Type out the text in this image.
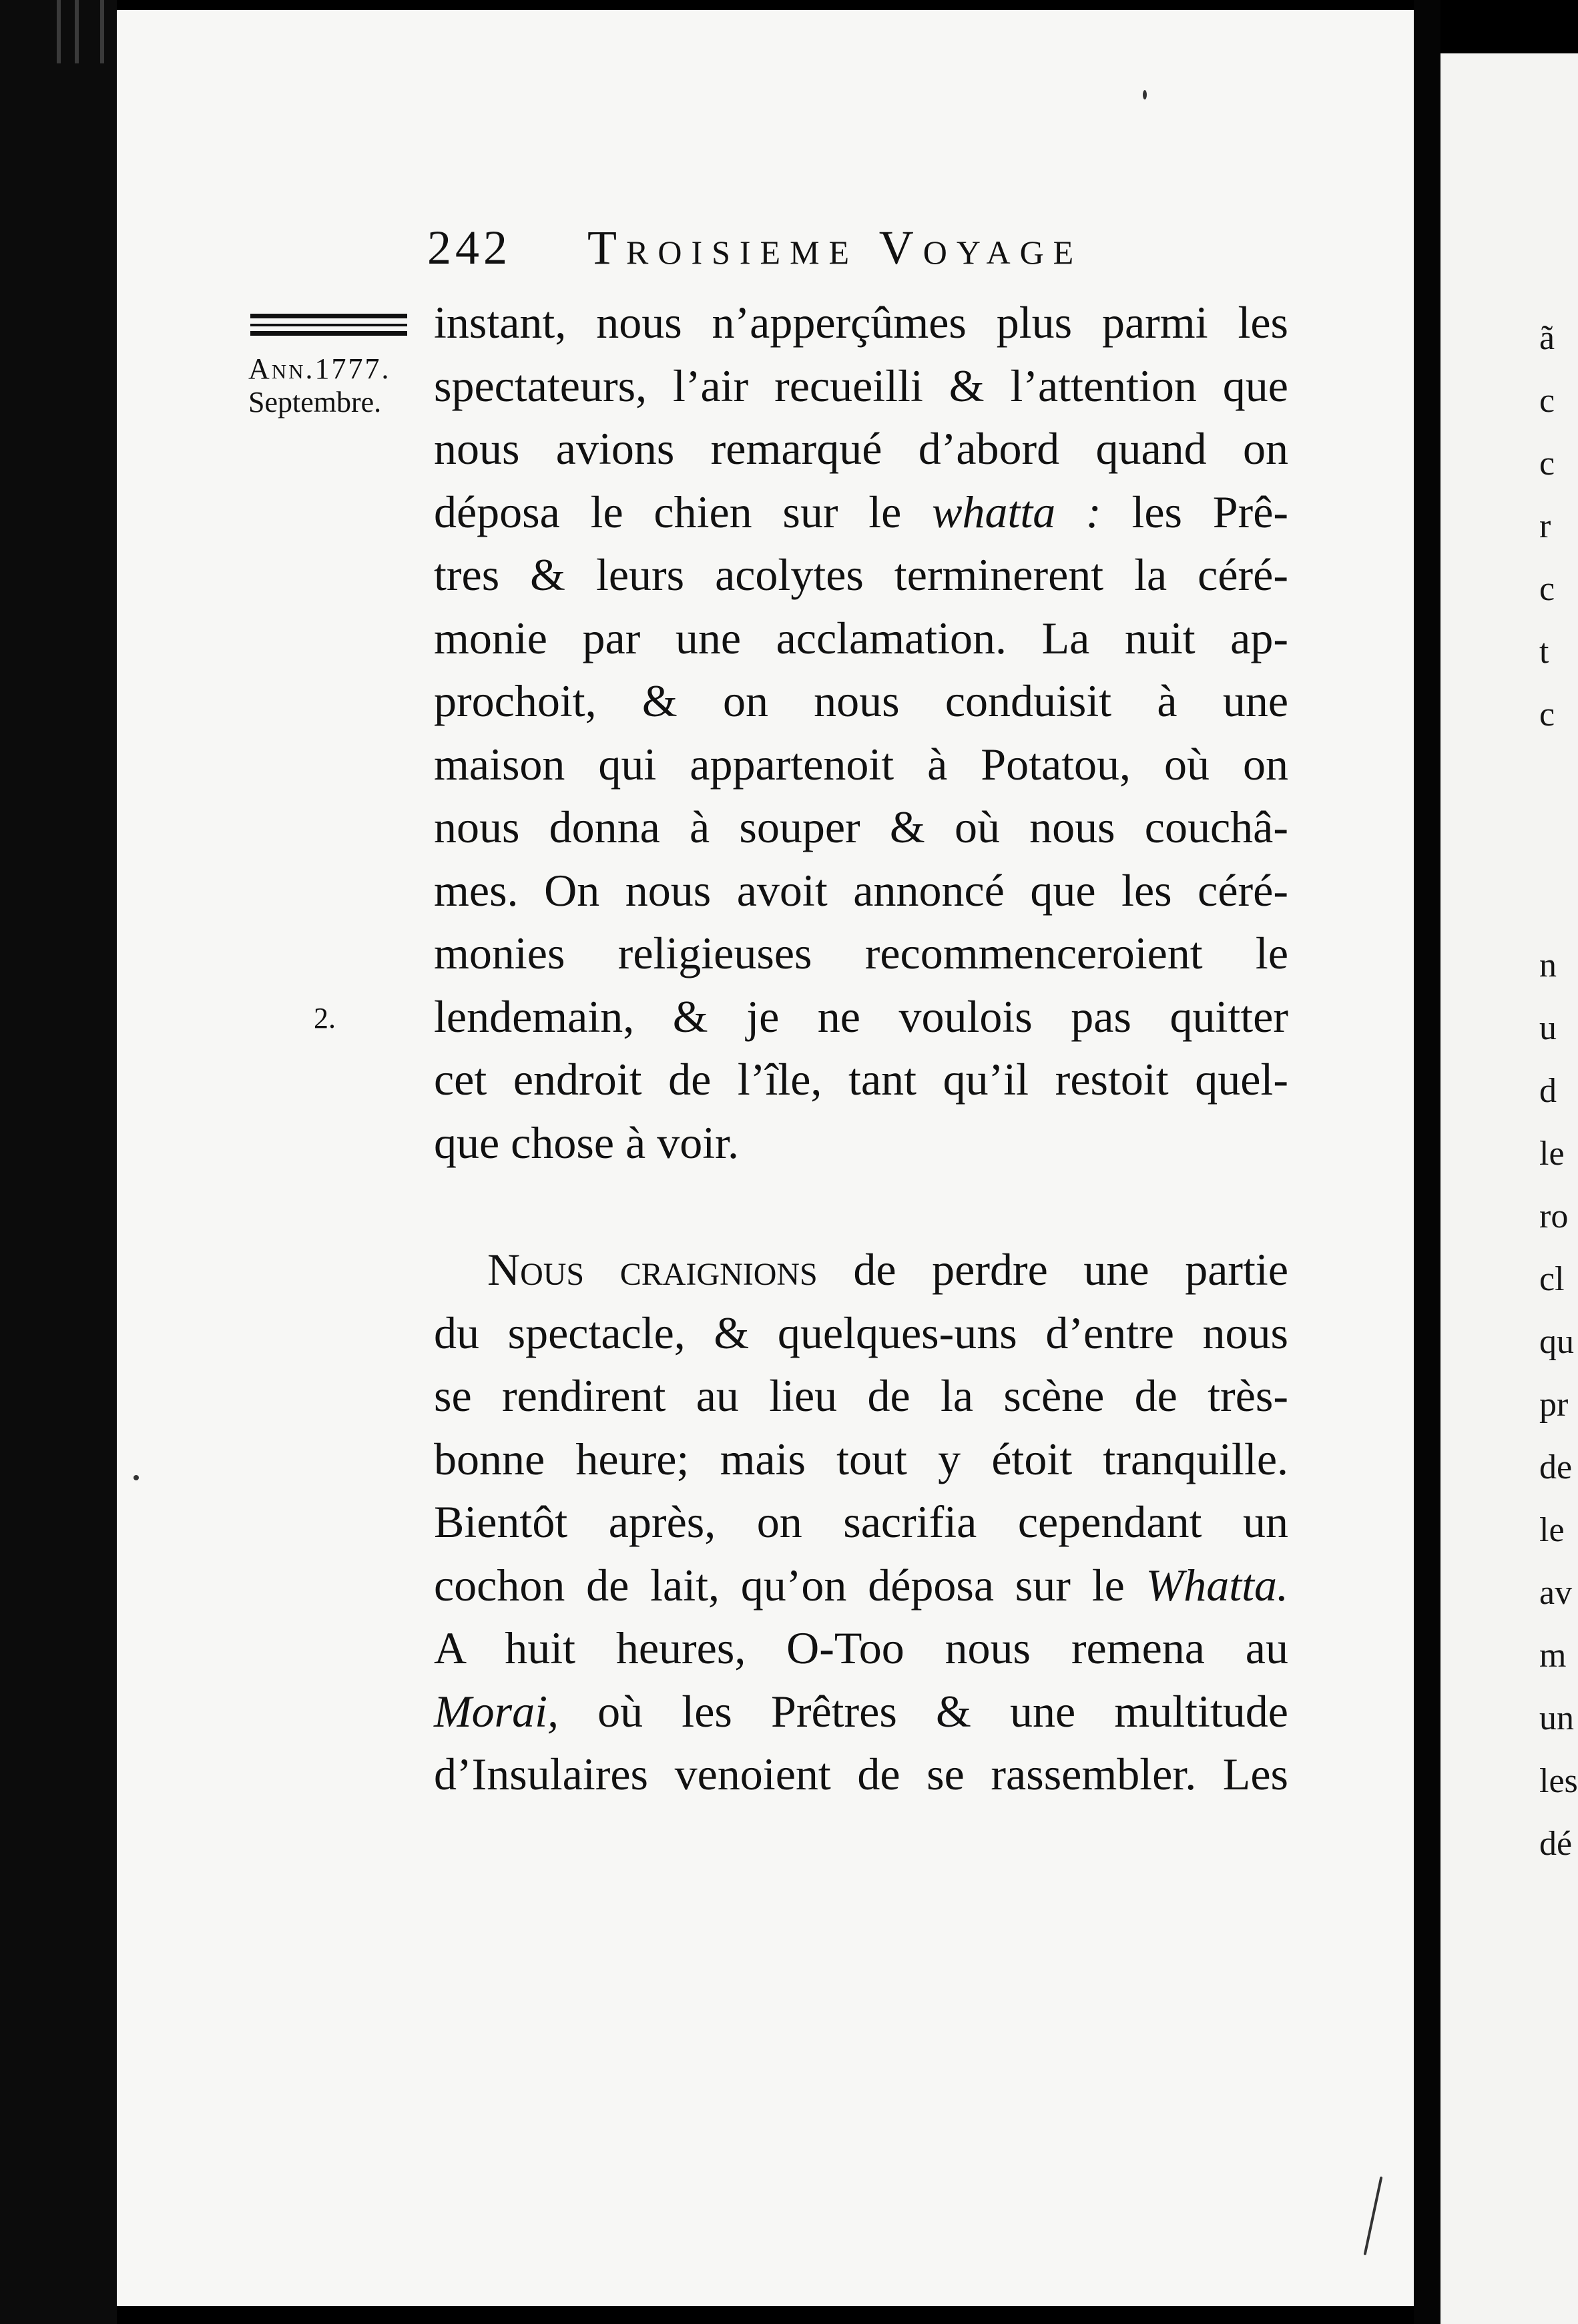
ã
c
c
r
c
t
c
n
u
d
le
ro
cl
qu
pr
de
le
av
m
un
les
dé
242 Troisieme Voyage
Ann.1777.
Septembre.
2.
instant, nous n’apperçûmes plus parmi les
spectateurs, l’air recueilli & l’attention que
nous avions remarqué d’abord quand on
déposa le chien sur le whatta : les Prê-
tres & leurs acolytes terminerent la céré-
monie par une acclamation. La nuit ap-
prochoit, & on nous conduisit à une
maison qui appartenoit à Potatou, où on
nous donna à souper & où nous couchâ-
mes. On nous avoit annoncé que les céré-
monies religieuses recommenceroient le
lendemain, & je ne voulois pas quitter
cet endroit de l’île, tant qu’il restoit quel-
que chose à voir.
Nous craignions de perdre une partie
du spectacle, & quelques-uns d’entre nous
se rendirent au lieu de la scène de très-
bonne heure; mais tout y étoit tranquille.
Bientôt après, on sacrifia cependant un
cochon de lait, qu’on déposa sur le Whatta.
A huit heures, O-Too nous remena au
Morai, où les Prêtres & une multitude
d’Insulaires venoient de se rassembler. Les
